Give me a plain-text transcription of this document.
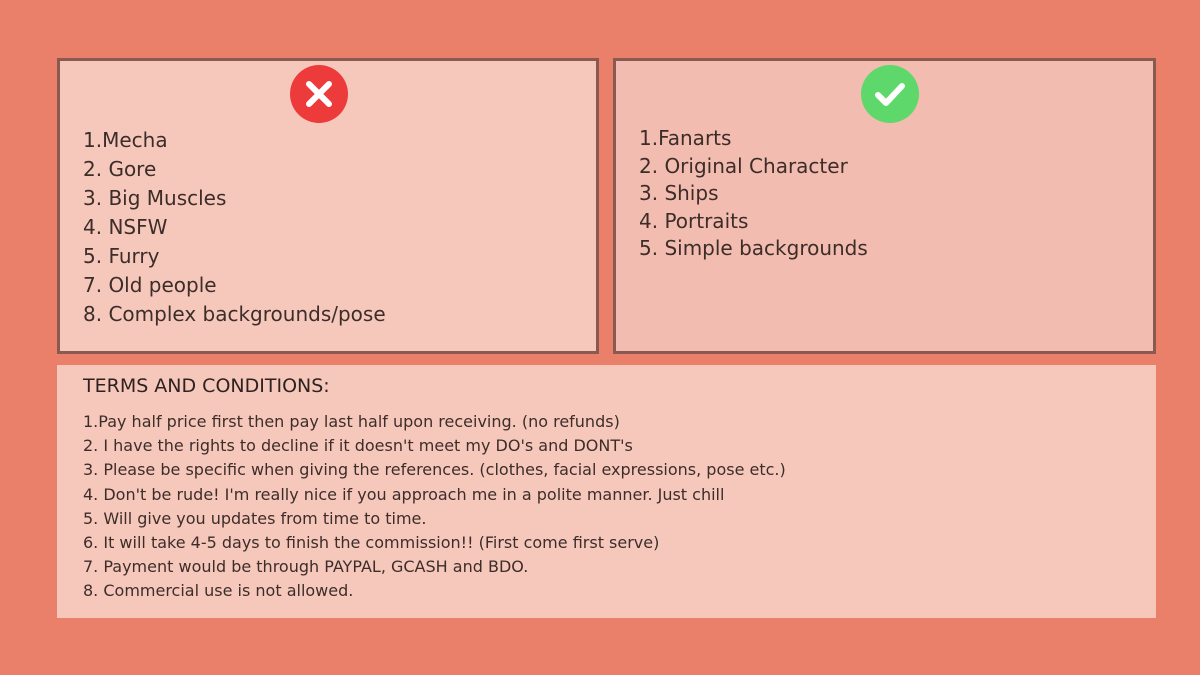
1.Mecha
2. Gore
3. Big Muscles
4. NSFW
5. Furry
7. Old people
8. Complex backgrounds/pose
1.Fanarts
2. Original Character
3. Ships
4. Portraits
5. Simple backgrounds
TERMS AND CONDITIONS:
1.Pay half price first then pay last half upon receiving. (no refunds)
2. I have the rights to decline if it doesn't meet my DO's and DONT's
3. Please be specific when giving the references. (clothes, facial expressions, pose etc.)
4. Don't be rude! I'm really nice if you approach me in a polite manner. Just chill
5. Will give you updates from time to time.
6. It will take 4-5 days to finish the commission!! (First come first serve)
7. Payment would be through PAYPAL, GCASH and BDO.
8. Commercial use is not allowed.
